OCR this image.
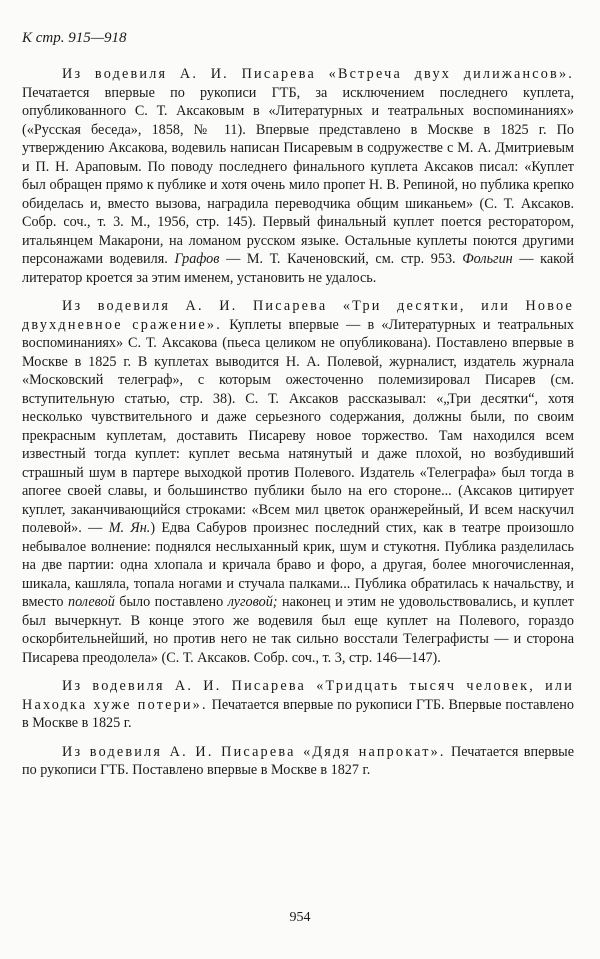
К стр. 915—918

Из водевиля А. И. Писарева «Встреча двух дилижансов». Печатается впервые по рукописи ГТБ, за исключением последнего куплета, опубликованного С. Т. Аксаковым в «Литературных и театральных воспоминаниях» («Русская беседа», 1858, № 11). Впервые представлено в Москве в 1825 г. По утверждению Аксакова, водевиль написан Писаревым в содружестве с М. А. Дмитриевым и П. Н. Араповым. По поводу последнего финального куплета Аксаков писал: «Куплет был обращен прямо к публике и хотя очень мило пропет Н. В. Репиной, но публика крепко обиделась и, вместо вызова, наградила переводчика общим шиканьем» (С. Т. Аксаков. Собр. соч., т. 3. М., 1956, стр. 145). Первый финальный куплет поется ресторатором, итальянцем Макарони, на ломаном русском языке. Остальные куплеты поются другими персонажами водевиля. Графов — М. Т. Каченовский, см. стр. 953. Фольгин — какой литератор кроется за этим именем, установить не удалось.

Из водевиля А. И. Писарева «Три десятки, или Новое двухдневное сражение». Куплеты впервые — в «Литературных и театральных воспоминаниях» С. Т. Аксакова (пьеса целиком не опубликована). Поставлено впервые в Москве в 1825 г. В куплетах выводится Н. А. Полевой, журналист, издатель журнала «Московский телеграф», с которым ожесточенно полемизировал Писарев (см. вступительную статью, стр. 38). С. Т. Аксаков рассказывал: «„Три десятки“, хотя несколько чувствительного и даже серьезного содержания, должны были, по своим прекрасным куплетам, доставить Писареву новое торжество. Там находился всем известный тогда куплет: куплет весьма натянутый и даже плохой, но возбудивший страшный шум в партере выходкой против Полевого. Издатель «Телеграфа» был тогда в апогее своей славы, и большинство публики было на его стороне... (Аксаков цитирует куплет, заканчивающийся строками: «Всем мил цветок оранжерейный, И всем наскучил полевой». — М. Ян.) Едва Сабуров произнес последний стих, как в театре произошло небывалое волнение: поднялся неслыханный крик, шум и стукотня. Публика разделилась на две партии: одна хлопала и кричала браво и форо, а другая, более многочисленная, шикала, кашляла, топала ногами и стучала палками... Публика обратилась к начальству, и вместо полевой было поставлено луговой; наконец и этим не удовольствовались, и куплет был вычеркнут. В конце этого же водевиля был еще куплет на Полевого, гораздо оскорбительнейший, но против него не так сильно восстали Телеграфисты — и сторона Писарева преодолела» (С. Т. Аксаков. Собр. соч., т. 3, стр. 146—147).

Из водевиля А. И. Писарева «Тридцать тысяч человек, или Находка хуже потери». Печатается впервые по рукописи ГТБ. Впервые поставлено в Москве в 1825 г.

Из водевиля А. И. Писарева «Дядя напрокат». Печатается впервые по рукописи ГТБ. Поставлено впервые в Москве в 1827 г.

954
